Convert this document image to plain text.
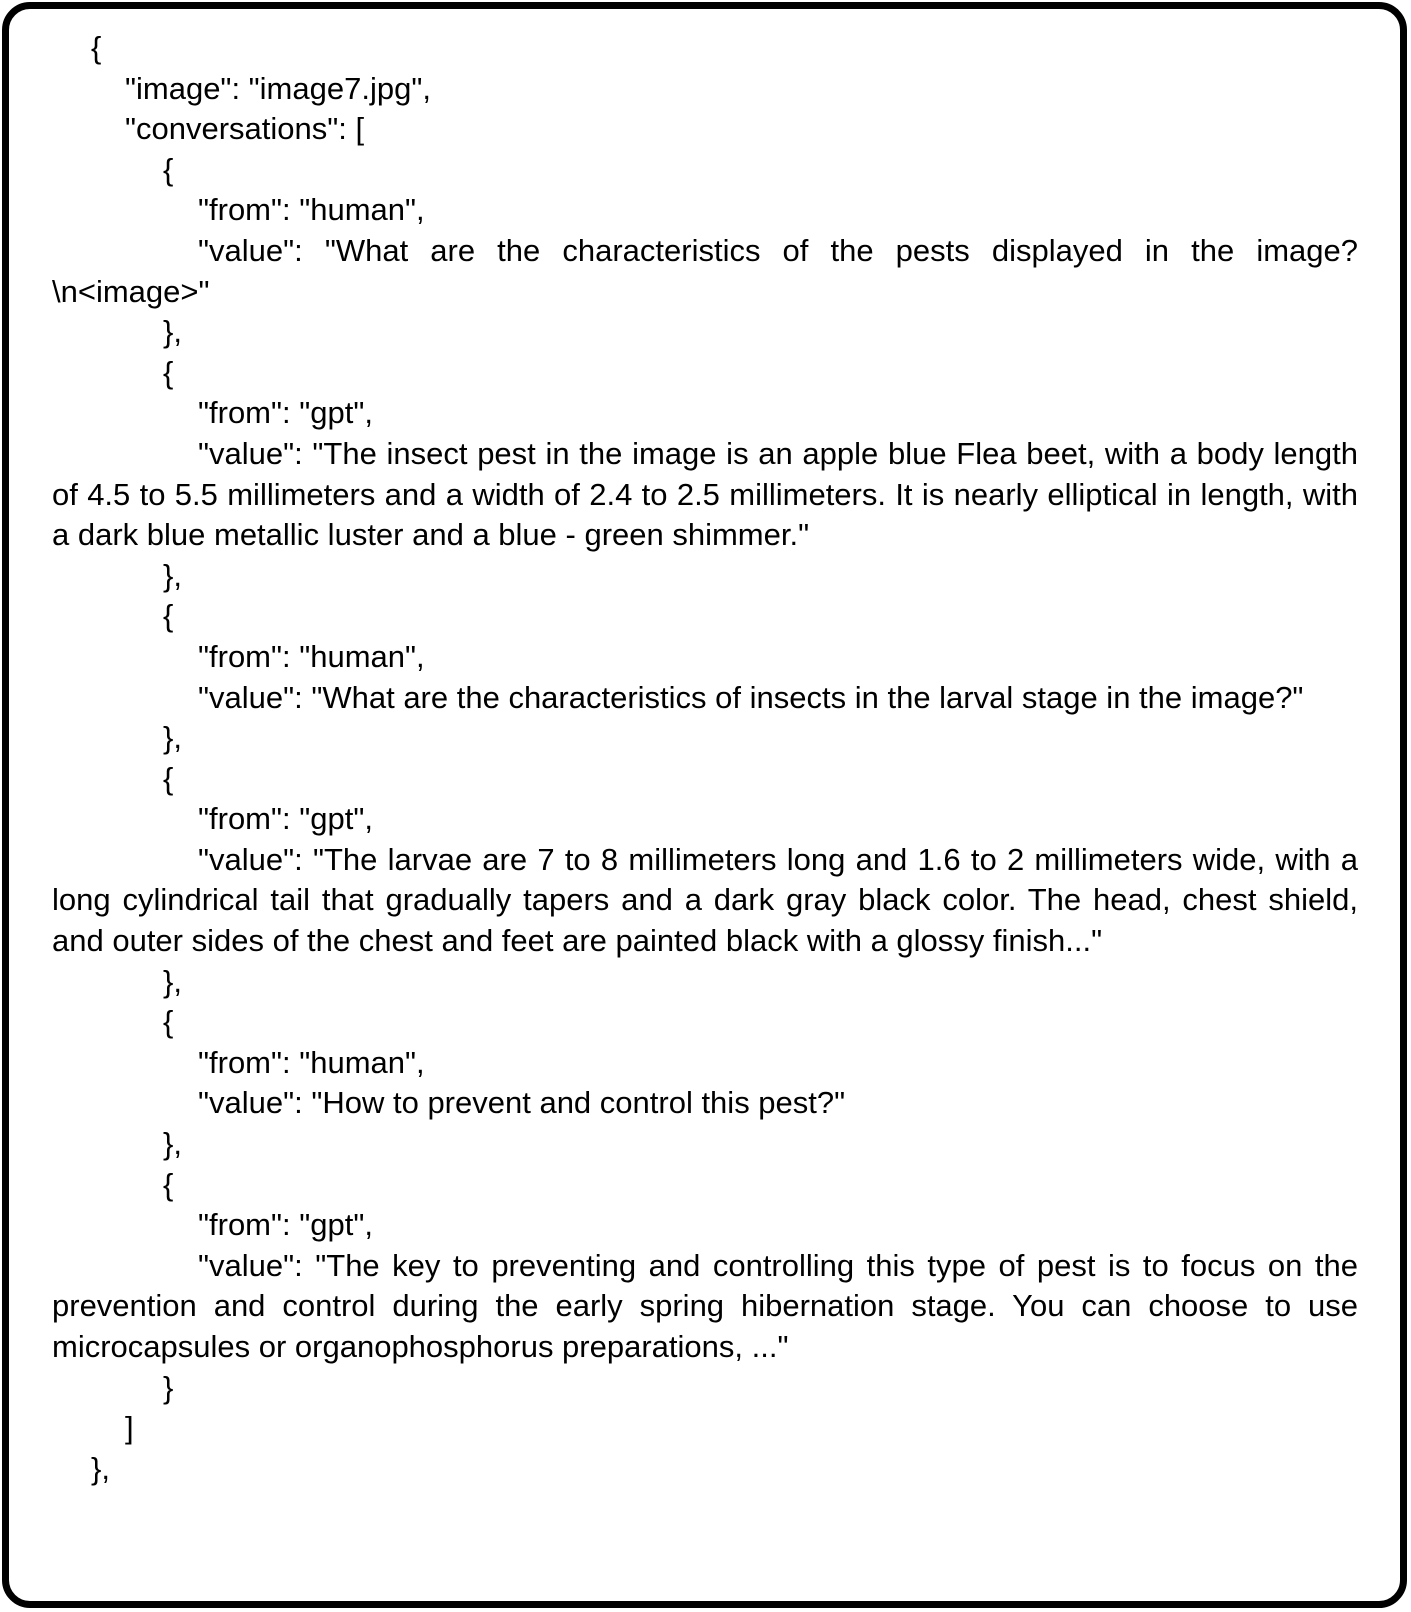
{
"image": "image7.jpg",
"conversations": [
{
"from": "human",
"value": "What are the characteristics of the pests displayed in the image?\n<image>"
},
{
"from": "gpt",
"value": "The insect pest in the image is an apple blue Flea beet, with a body length of 4.5 to 5.5 millimeters and a width of 2.4 to 2.5 millimeters. It is nearly elliptical in length, with a dark blue metallic luster and a blue - green shimmer."
},
{
"from": "human",
"value": "What are the characteristics of insects in the larval stage in the image?"
},
{
"from": "gpt",
"value": "The larvae are 7 to 8 millimeters long and 1.6 to 2 millimeters wide, with a long cylindrical tail that gradually tapers and a dark gray black color. The head, chest shield, and outer sides of the chest and feet are painted black with a glossy finish..."
},
{
"from": "human",
"value": "How to prevent and control this pest?"
},
{
"from": "gpt",
"value": "The key to preventing and controlling this type of pest is to focus on the prevention and control during the early spring hibernation stage. You can choose to use microcapsules or organophosphorus preparations, ..."
}
]
},
